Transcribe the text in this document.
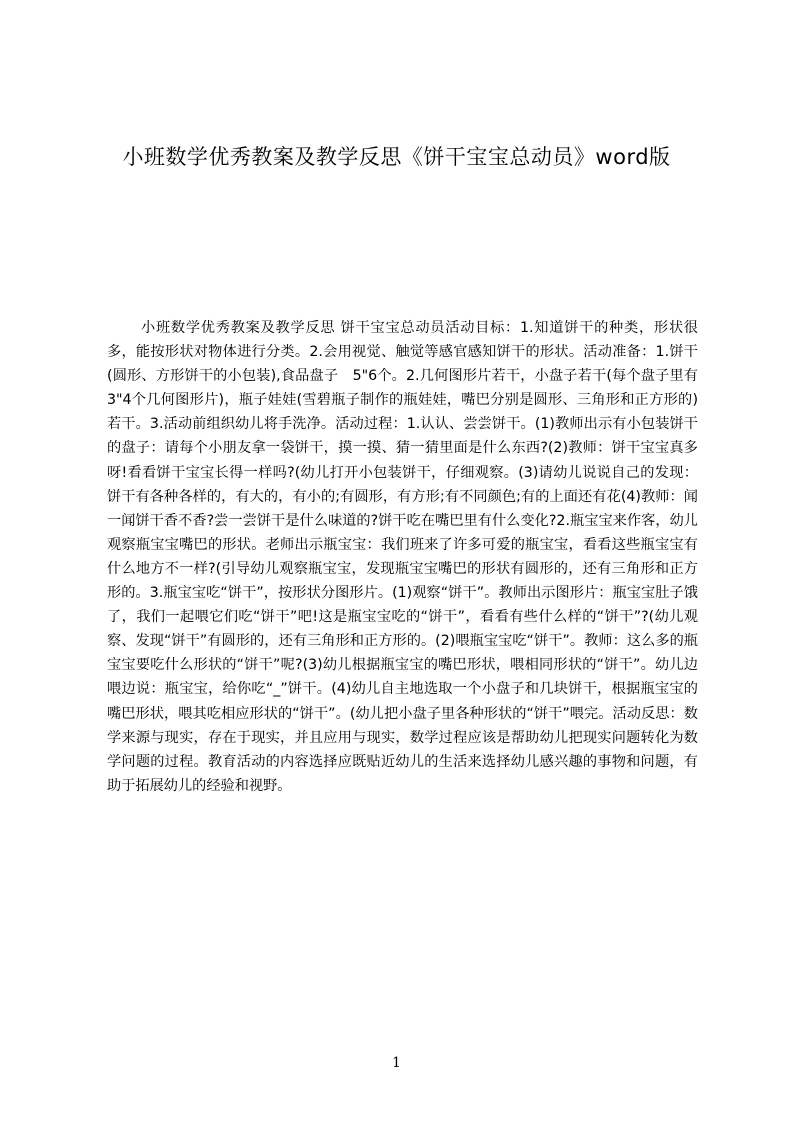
小班数学优秀教案及教学反思《饼干宝宝总动员》word版

小班数学优秀教案及教学反思 饼干宝宝总动员活动目标：1.知道饼干的种类，形状很多，能按形状对物体进行分类。2.会用视觉、触觉等感官感知饼干的形状。活动准备：1.饼干(圆形、方形饼干的小包装),食品盘子　5"6个。2.几何图形片若干，小盘子若干(每个盘子里有3"4个几何图形片)，瓶子娃娃(雪碧瓶子制作的瓶娃娃，嘴巴分别是圆形、三角形和正方形的)若干。3.活动前组织幼儿将手洗净。活动过程：1.认认、尝尝饼干。(1)教师出示有小包装饼干的盘子：请每个小朋友拿一袋饼干，摸一摸、猜一猜里面是什么东西?(2)教师：饼干宝宝真多呀!看看饼干宝宝长得一样吗?(幼儿打开小包装饼干，仔细观察。(3)请幼儿说说自己的发现：饼干有各种各样的，有大的，有小的;有圆形，有方形;有不同颜色;有的上面还有花(4)教师：闻一闻饼干香不香?尝一尝饼干是什么味道的?饼干吃在嘴巴里有什么变化?2.瓶宝宝来作客，幼儿观察瓶宝宝嘴巴的形状。老师出示瓶宝宝：我们班来了许多可爱的瓶宝宝，看看这些瓶宝宝有什么地方不一样?(引导幼儿观察瓶宝宝，发现瓶宝宝嘴巴的形状有圆形的，还有三角形和正方形的。3.瓶宝宝吃“饼干”，按形状分图形片。(1)观察“饼干”。教师出示图形片：瓶宝宝肚子饿了，我们一起喂它们吃“饼干”吧!这是瓶宝宝吃的“饼干”，看看有些什么样的“饼干”?(幼儿观察、发现“饼干”有圆形的，还有三角形和正方形的。(2)喂瓶宝宝吃“饼干”。教师：这么多的瓶宝宝要吃什么形状的“饼干”呢?(3)幼儿根据瓶宝宝的嘴巴形状，喂相同形状的“饼干”。幼儿边喂边说：瓶宝宝，给你吃“_”饼干。(4)幼儿自主地选取一个小盘子和几块饼干，根据瓶宝宝的嘴巴形状，喂其吃相应形状的“饼干”。(幼儿把小盘子里各种形状的“饼干”喂完。活动反思：数学来源与现实，存在于现实，并且应用与现实，数学过程应该是帮助幼儿把现实问题转化为数学问题的过程。教育活动的内容选择应既贴近幼儿的生活来选择幼儿感兴趣的事物和问题，有助于拓展幼儿的经验和视野。

1
